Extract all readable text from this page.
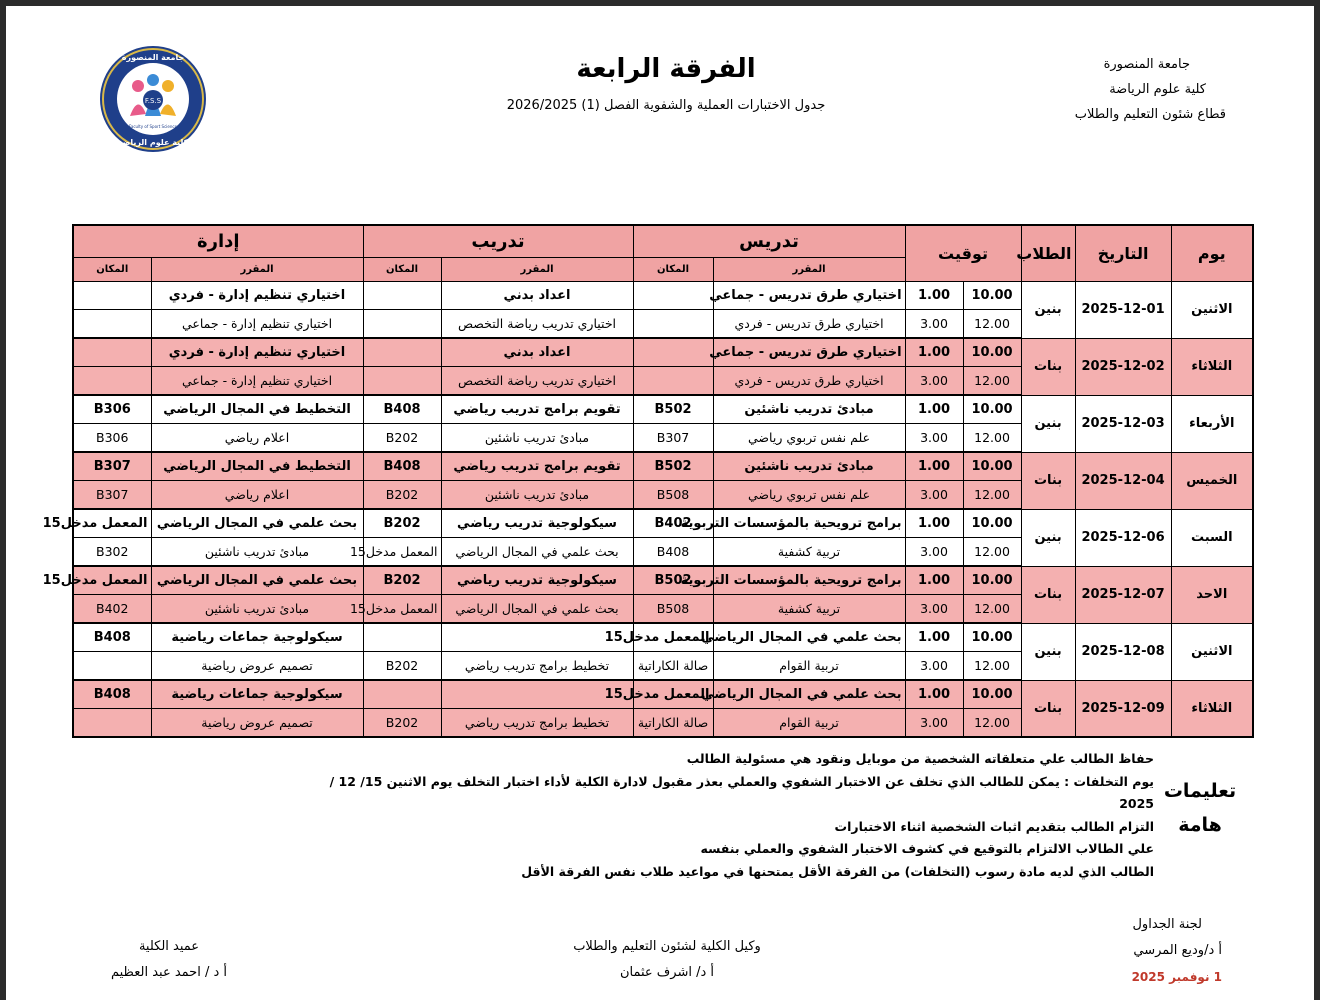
جامعة المنصورة
كلية علوم الرياضة
قطاع شئون التعليم والطلاب
الفرقة الرابعة
جدول الاختبارات العملية والشفوية الفصل (1) 2026/2025
F.S.S
Faculty of Sport Science
جامعة المنصورة
كلية علوم الرياضة
يوم	التاريخ	الطلاب	توقيت		تدريس		تدريب		إدارة	
					المقرر	المكان	المقرر	المكان	المقرر	المكان
الاثنين	2025-12-01	بنين	10.00	1.00	اختياري طرق تدريس - جماعي		اعداد بدني		اختياري تنظيم إدارة - فردي	
			12.00	3.00	اختياري طرق تدريس - فردي		اختياري تدريب رياضة التخصص		اختياري تنظيم إدارة - جماعي	
الثلاثاء	2025-12-02	بنات	10.00	1.00	اختياري طرق تدريس - جماعي		اعداد بدني		اختياري تنظيم إدارة - فردي	
			12.00	3.00	اختياري طرق تدريس - فردي		اختياري تدريب رياضة التخصص		اختياري تنظيم إدارة - جماعي	
الأربعاء	2025-12-03	بنين	10.00	1.00	مبادئ تدريب ناشئين	B502	تقويم برامج تدريب رياضي	B408	التخطيط في المجال الرياضي	B306
			12.00	3.00	علم نفس تربوي رياضي	B307	مبادئ تدريب ناشئين	B202	اعلام رياضي	B306
الخميس	2025-12-04	بنات	10.00	1.00	مبادئ تدريب ناشئين	B502	تقويم برامج تدريب رياضي	B408	التخطيط في المجال الرياضي	B307
			12.00	3.00	علم نفس تربوي رياضي	B508	مبادئ تدريب ناشئين	B202	اعلام رياضي	B307
السبت	2025-12-06	بنين	10.00	1.00	برامج ترويحية بالمؤسسات التربوية	B402	سيكولوجية تدريب رياضي	B202	بحث علمي في المجال الرياضي	المعمل مدخل15
			12.00	3.00	تربية كشفية	B408	بحث علمي في المجال الرياضي	المعمل مدخل15	مبادئ تدريب ناشئين	B302
الاحد	2025-12-07	بنات	10.00	1.00	برامج ترويحية بالمؤسسات التربوية	B502	سيكولوجية تدريب رياضي	B202	بحث علمي في المجال الرياضي	المعمل مدخل15
			12.00	3.00	تربية كشفية	B508	بحث علمي في المجال الرياضي	المعمل مدخل15	مبادئ تدريب ناشئين	B402
الاثنين	2025-12-08	بنين	10.00	1.00	بحث علمي في المجال الرياضي	المعمل مدخل15			سيكولوجية جماعات رياضية	B408
			12.00	3.00	تربية القوام	صالة الكاراتية	تخطيط برامج تدريب رياضي	B202	تصميم عروض رياضية	
الثلاثاء	2025-12-09	بنات	10.00	1.00	بحث علمي في المجال الرياضي	المعمل مدخل15			سيكولوجية جماعات رياضية	B408
			12.00	3.00	تربية القوام	صالة الكاراتية	تخطيط برامج تدريب رياضي	B202	تصميم عروض رياضية	
تعليمات
هامة
حفاظ الطالب علي متعلقاته الشخصية من موبايل ونقود هي مسئولية الطالب
يوم التخلفات : يمكن للطالب الذي تخلف عن الاختبار الشفوي والعملي بعذر مقبول لادارة الكلية لأداء اختبار التخلف يوم الاثنين 15/ 12 / 2025
التزام الطالب بتقديم اثبات الشخصية اثناء الاختبارات
علي الطالاب الالتزام بالتوقيع في كشوف الاختبار الشفوي والعملي بنفسه
الطالب الذي لديه مادة رسوب (التخلفات) من الفرقة الأقل يمتحنها في مواعيد طلاب نفس الفرقة الأقل
لجنة الجداول
أ د/وديع المرسي
1 نوفمبر 2025
وكيل الكلية لشئون التعليم والطلاب
أ د/ اشرف عثمان
عميد الكلية
أ د / احمد عبد العظيم
